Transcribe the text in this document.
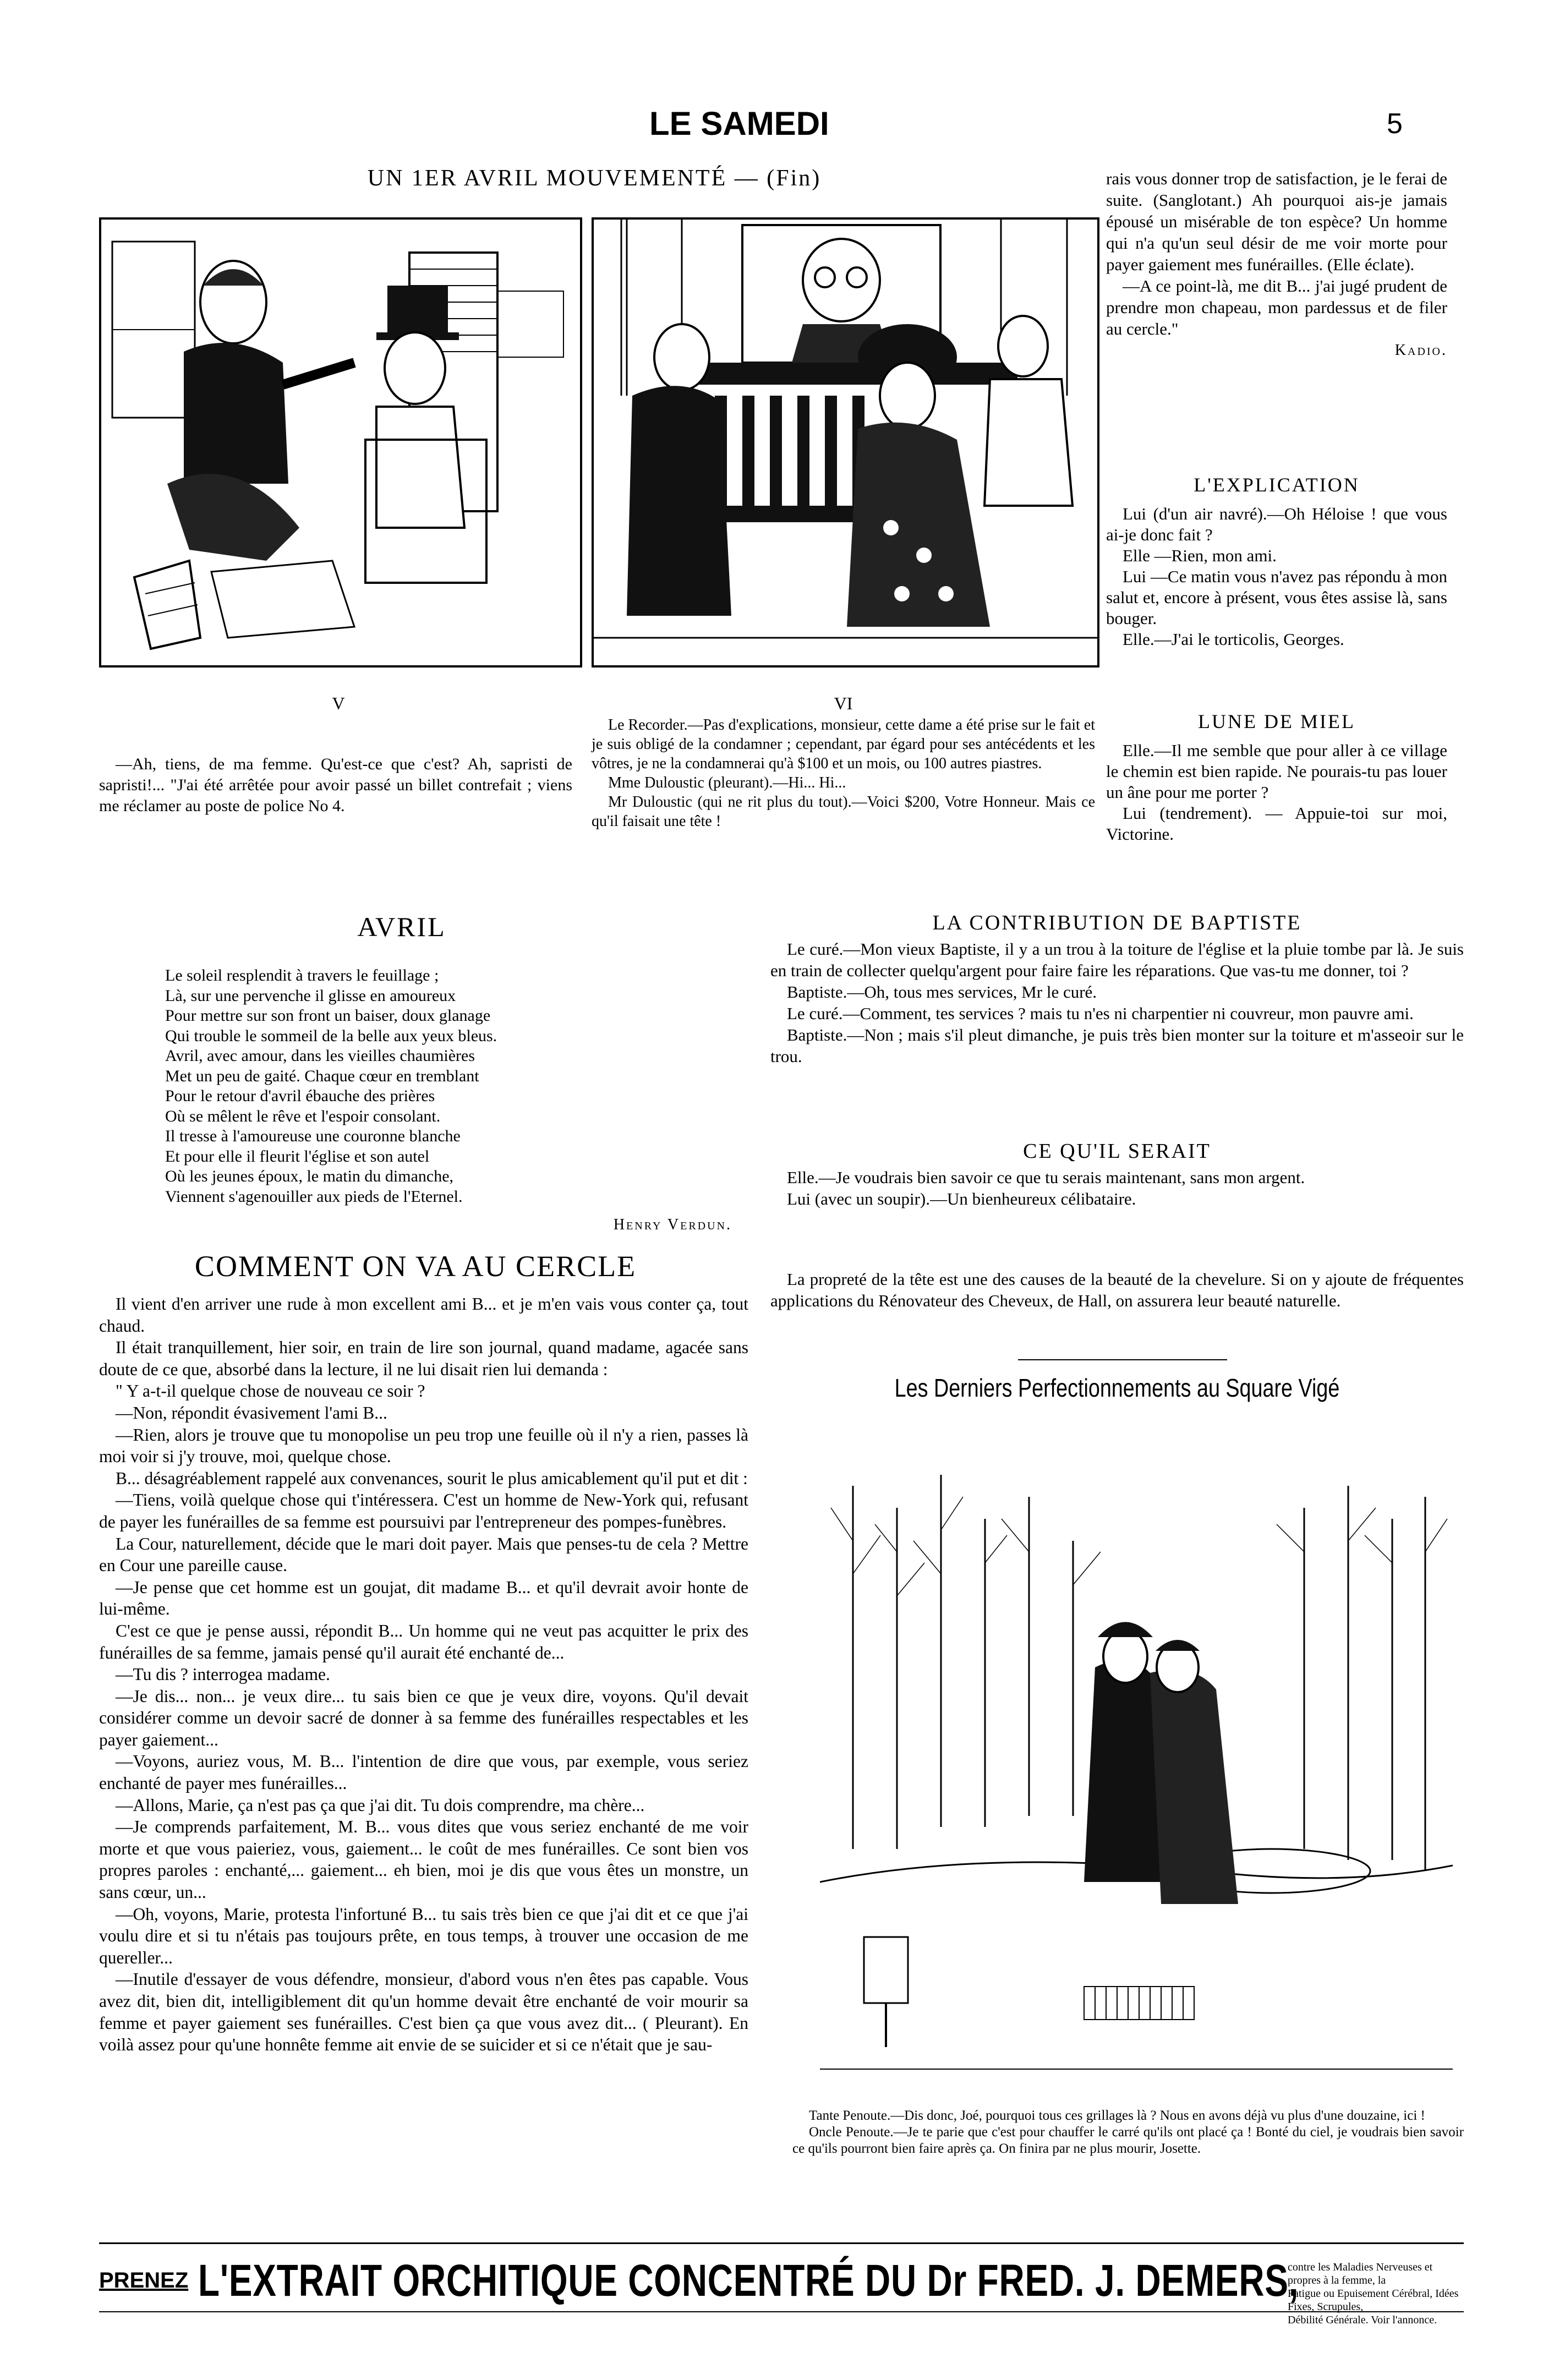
LE SAMEDI	5
UN 1ER AVRIL MOUVEMENTÉ — (Fin)
V
—Ah, tiens, de ma femme. Qu'est-ce que c'est? Ah, sapristi de sapristi!... "J'ai été arrêtée pour avoir passé un billet contrefait ; viens me réclamer au poste de police No 4.
VI

Le Recorder.—Pas d'explications, monsieur, cette dame a été prise sur le fait et je suis obligé de la condamner ; cependant, par égard pour ses antécédents et les vôtres, je ne la condamnerai qu'à $100 et un mois, ou 100 autres piastres.

Mme Duloustic (pleurant).—Hi... Hi...

Mr Duloustic (qui ne rit plus du tout).—Voici $200, Votre Honneur. Mais ce qu'il faisait une tête !

rais vous donner trop de satisfaction, je le ferai de suite. (Sanglotant.) Ah pourquoi ais-je jamais épousé un misérable de ton espèce? Un homme qui n'a qu'un seul désir de me voir morte pour payer gaiement mes funérailles. (Elle éclate).

—A ce point-là, me dit B... j'ai jugé prudent de prendre mon chapeau, mon pardessus et de filer au cercle."

Kadio.
L'EXPLICATION

Lui (d'un air navré).—Oh Héloise ! que vous ai-je donc fait ?

Elle —Rien, mon ami.

Lui —Ce matin vous n'avez pas répondu à mon salut et, encore à présent, vous êtes assise là, sans bouger.

Elle.—J'ai le torticolis, Georges.

LUNE DE MIEL

Elle.—Il me semble que pour aller à ce village le chemin est bien rapide. Ne pourais-tu pas louer un âne pour me porter ?

Lui (tendrement). — Appuie-toi sur moi, Victorine.

AVRIL

Le soleil resplendit à travers le feuillage ;

Là, sur une pervenche il glisse en amoureux

Pour mettre sur son front un baiser, doux glanage

Qui trouble le sommeil de la belle aux yeux bleus.

Avril, avec amour, dans les vieilles chaumières

Met un peu de gaité. Chaque cœur en tremblant

Pour le retour d'avril ébauche des prières

Où se mêlent le rêve et l'espoir consolant.

Il tresse à l'amoureuse une couronne blanche

Et pour elle il fleurit l'église et son autel

Où les jeunes époux, le matin du dimanche,

Viennent s'agenouiller aux pieds de l'Eternel.

Henry Verdun.
COMMENT ON VA AU CERCLE

Il vient d'en arriver une rude à mon excellent ami B... et je m'en vais vous conter ça, tout chaud.

Il était tranquillement, hier soir, en train de lire son journal, quand madame, agacée sans doute de ce que, absorbé dans la lecture, il ne lui disait rien lui demanda :

" Y a-t-il quelque chose de nouveau ce soir ?

—Non, répondit évasivement l'ami B...

—Rien, alors je trouve que tu monopolise un peu trop une feuille où il n'y a rien, passes là moi voir si j'y trouve, moi, quelque chose.

B... désagréablement rappelé aux convenances, sourit le plus amicablement qu'il put et dit :

—Tiens, voilà quelque chose qui t'intéressera. C'est un homme de New-York qui, refusant de payer les funérailles de sa femme est poursuivi par l'entrepreneur des pompes-funèbres.

La Cour, naturellement, décide que le mari doit payer. Mais que penses-tu de cela ? Mettre en Cour une pareille cause.

—Je pense que cet homme est un goujat, dit madame B... et qu'il devrait avoir honte de lui-même.

C'est ce que je pense aussi, répondit B... Un homme qui ne veut pas acquitter le prix des funérailles de sa femme, jamais pensé qu'il aurait été enchanté de...

—Tu dis ? interrogea madame.

—Je dis... non... je veux dire... tu sais bien ce que je veux dire, voyons. Qu'il devait considérer comme un devoir sacré de donner à sa femme des funérailles respectables et les payer gaiement...

—Voyons, auriez vous, M. B... l'intention de dire que vous, par exemple, vous seriez enchanté de payer mes funérailles...

—Allons, Marie, ça n'est pas ça que j'ai dit. Tu dois comprendre, ma chère...

—Je comprends parfaitement, M. B... vous dites que vous seriez enchanté de me voir morte et que vous paieriez, vous, gaiement... le coût de mes funérailles. Ce sont bien vos propres paroles : enchanté,... gaiement... eh bien, moi je dis que vous êtes un monstre, un sans cœur, un...

—Oh, voyons, Marie, protesta l'infortuné B... tu sais très bien ce que j'ai dit et ce que j'ai voulu dire et si tu n'étais pas toujours prête, en tous temps, à trouver une occasion de me quereller...

—Inutile d'essayer de vous défendre, monsieur, d'abord vous n'en êtes pas capable. Vous avez dit, bien dit, intelligiblement dit qu'un homme devait être enchanté de voir mourir sa femme et payer gaiement ses funérailles. C'est bien ça que vous avez dit... ( Pleurant). En voilà assez pour qu'une honnête femme ait envie de se suicider et si ce n'était que je sau-

LA CONTRIBUTION DE BAPTISTE

Le curé.—Mon vieux Baptiste, il y a un trou à la toiture de l'église et la pluie tombe par là. Je suis en train de collecter quelqu'argent pour faire faire les réparations. Que vas-tu me donner, toi ?

Baptiste.—Oh, tous mes services, Mr le curé.

Le curé.—Comment, tes services ? mais tu n'es ni charpentier ni couvreur, mon pauvre ami.

Baptiste.—Non ; mais s'il pleut dimanche, je puis très bien monter sur la toiture et m'asseoir sur le trou.

CE QU'IL SERAIT

Elle.—Je voudrais bien savoir ce que tu serais maintenant, sans mon argent.

Lui (avec un soupir).—Un bienheureux célibataire.

La propreté de la tête est une des causes de la beauté de la chevelure. Si on y ajoute de fréquentes applications du Rénovateur des Cheveux, de Hall, on assurera leur beauté naturelle.

Les Derniers Perfectionnements au Square Vigé

Tante Penoute.—Dis donc, Joé, pourquoi tous ces grillages là ? Nous en avons déjà vu plus d'une douzaine, ici !

Oncle Penoute.—Je te parie que c'est pour chauffer le carré qu'ils ont placé ça ! Bonté du ciel, je voudrais bien savoir ce qu'ils pourront bien faire après ça. On finira par ne plus mourir, Josette.

PRENEZ L'EXTRAIT ORCHITIQUE CONCENTRÉ DU Dr FRED. J. DEMERS,
contre les Maladies Nerveuses et propres à la femme, la
Fatigue ou Epuisement Cérébral, Idées Fixes, Scrupules,
Débilité Générale. Voir l'annonce.
